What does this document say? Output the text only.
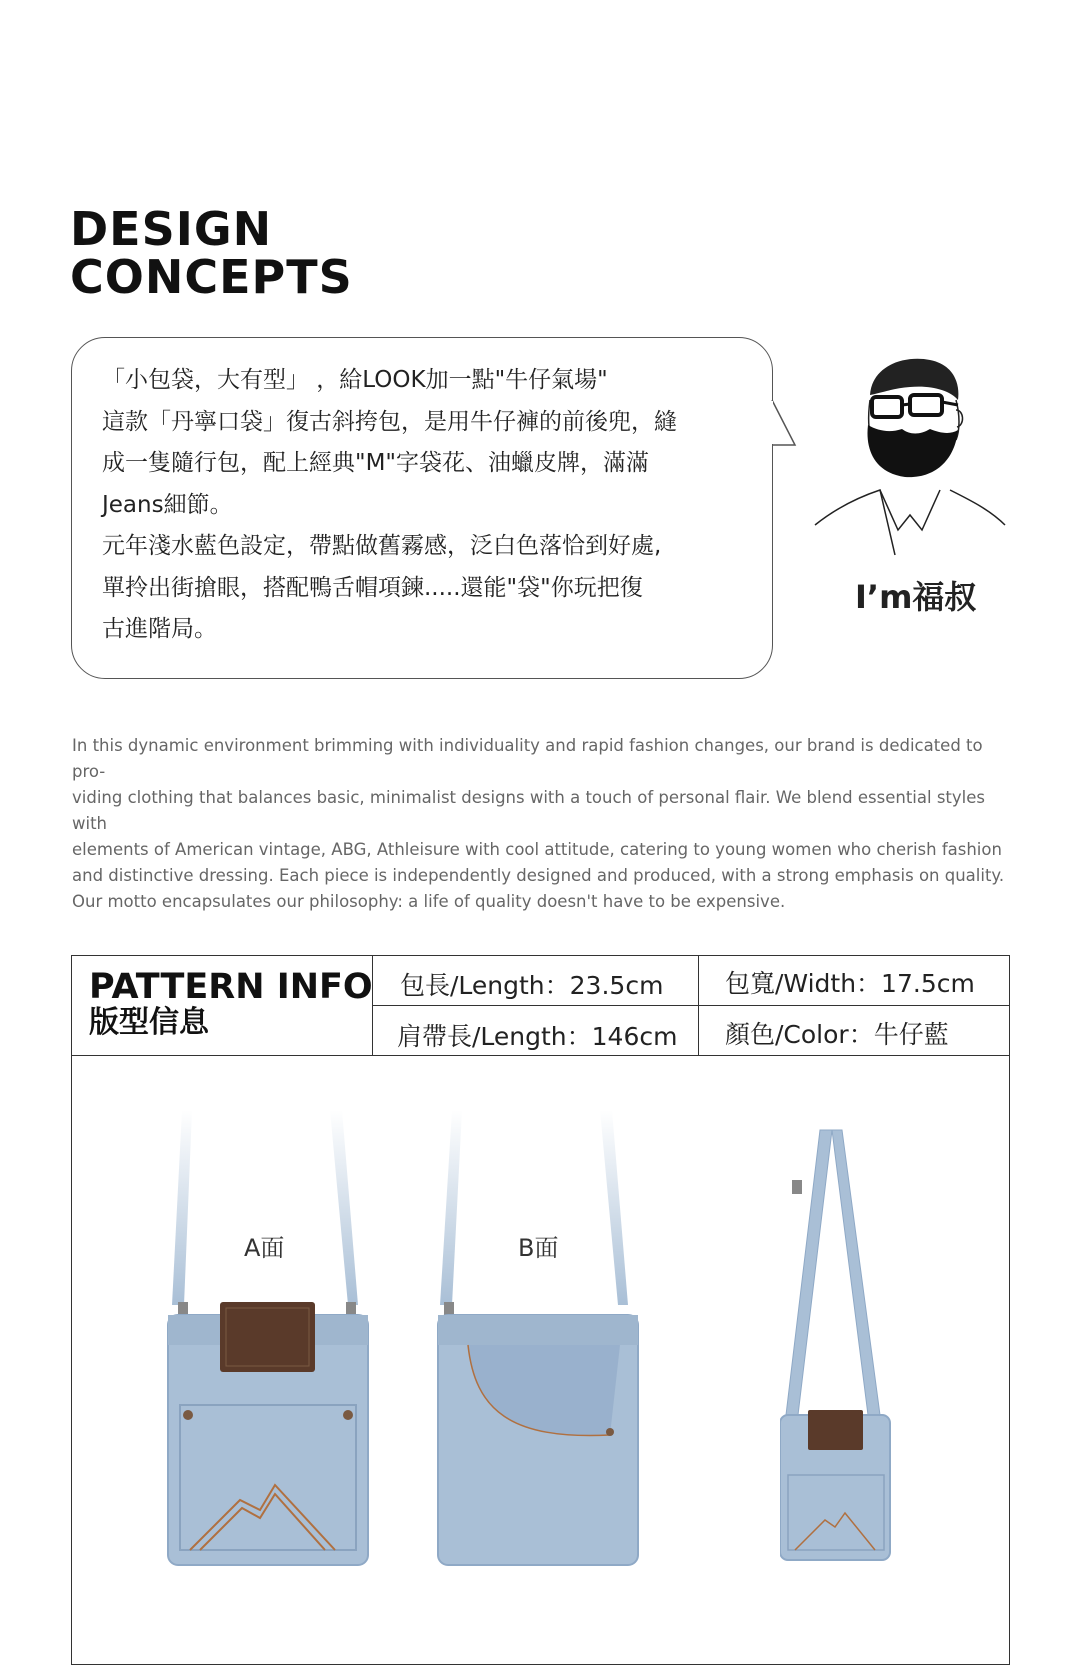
DESIGN
CONCEPTS

「小包袋，大有型」 ，給LOOK加一點"牛仔氣場"

這款「丹寧口袋」復古斜挎包，是用牛仔褲的前後兜，縫

成一隻隨行包，配上經典"M"字袋花、油蠟皮牌，滿滿

Jeans細節。

元年淺水藍色設定，帶點做舊霧感，泛白色落恰到好處,

單拎出街搶眼，搭配鴨舌帽項鍊.....還能"袋"你玩把復

古進階局。

I’m福叔
In this dynamic environment brimming with individuality and rapid fashion changes, our brand is dedicated to pro-
viding clothing that balances basic, minimalist designs with a touch of personal flair. We blend essential styles with
elements of American vintage, ABG, Athleisure with cool attitude, catering to young women who cherish fashion
and distinctive dressing. Each piece is independently designed and produced, with a strong emphasis on quality.
Our motto encapsulates our philosophy: a life of quality doesn't have to be expensive.
PATTERN INFO
版型信息
包長/Length：23.5cm 包寬/Width：17.5cm
肩帶長/Length：146cm 顏色/Color：牛仔藍
A面	B面
